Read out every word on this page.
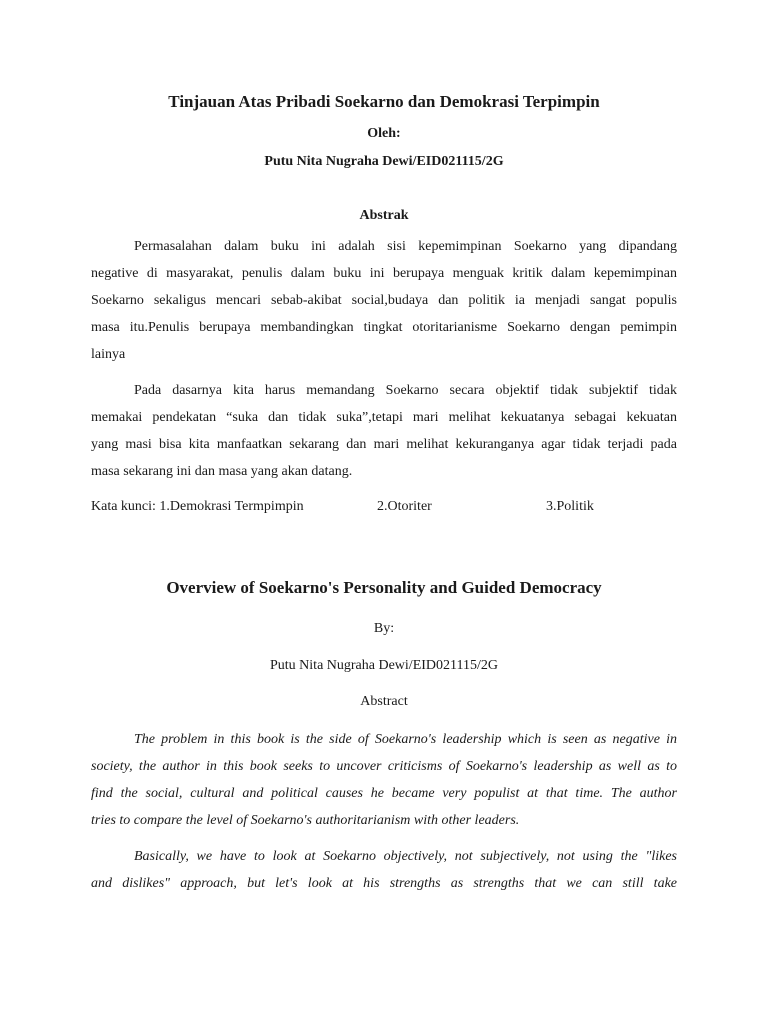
Tinjauan Atas Pribadi Soekarno dan Demokrasi Terpimpin

Oleh:

Putu Nita Nugraha Dewi/EID021115/2G

Abstrak

Permasalahan dalam buku ini adalah sisi kepemimpinan Soekarno yang dipandang
negative di masyarakat, penulis dalam buku ini berupaya menguak kritik dalam kepemimpinan
Soekarno sekaligus mencari sebab-akibat social,budaya dan politik ia menjadi sangat populis
masa itu.Penulis berupaya membandingkan tingkat otoritarianisme Soekarno dengan pemimpin
lainya
Pada dasarnya kita harus memandang Soekarno secara objektif tidak subjektif tidak
memakai pendekatan “suka dan tidak suka”,tetapi mari melihat kekuatanya sebagai kekuatan
yang masi bisa kita manfaatkan sekarang dan mari melihat kekuranganya agar tidak terjadi pada
masa sekarang ini dan masa yang akan datang.

Kata kunci: 1.Demokrasi Termpimpin	2.Otoriter	3.Politik

Overview of Soekarno's Personality and Guided Democracy

By:

Putu Nita Nugraha Dewi/EID021115/2G

Abstract

The problem in this book is the side of Soekarno's leadership which is seen as negative in
society, the author in this book seeks to uncover criticisms of Soekarno's leadership as well as to
find the social, cultural and political causes he became very populist at that time. The author
tries to compare the level of Soekarno's authoritarianism with other leaders.
Basically, we have to look at Soekarno objectively, not subjectively, not using the "likes
and dislikes" approach, but let's look at his strengths as strengths that we can still take
